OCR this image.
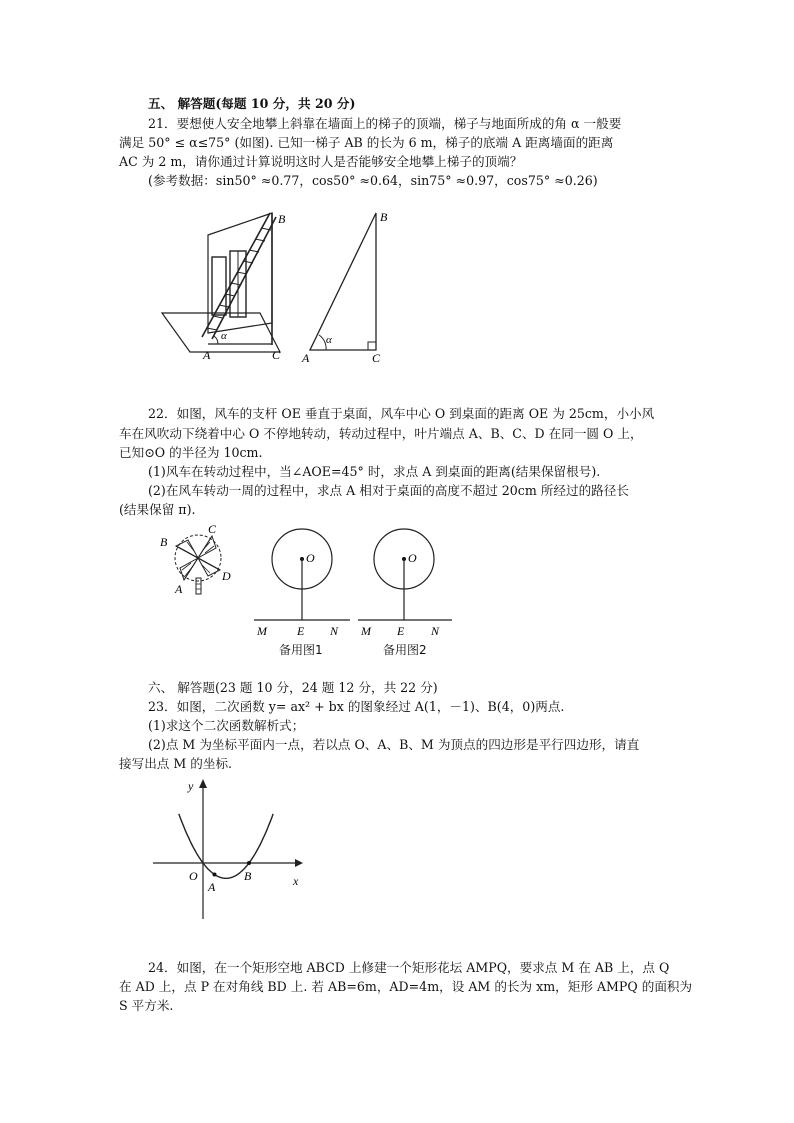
五、 解答题(每题 10 分，共 20 分)
21．要想使人安全地攀上斜靠在墙面上的梯子的顶端，梯子与地面所成的角 α 一般要
满足 50° ≤ α≤75° (如图). 已知一梯子 AB 的长为 6 m，梯子的底端 A 距离墙面的距离
AC 为 2 m，请你通过计算说明这时人是否能够安全地攀上梯子的顶端？
(参考数据：sin50° ≈0.77，cos50° ≈0.64，sin75° ≈0.97，cos75° ≈0.26)
α
A	C
B
α
A	C
B
22．如图，风车的支杆 OE 垂直于桌面，风车中心 O 到桌面的距离 OE 为 25cm，小小风
车在风吹动下绕着中心 O 不停地转动，转动过程中，叶片端点 A、B、C、D 在同一圆 O 上，
已知⊙O 的半径为 10cm.
(1)风车在转动过程中，当∠AOE=45° 时，求点 A 到桌面的距离(结果保留根号).
(2)在风车转动一周的过程中，求点 A 相对于桌面的高度不超过 20cm 所经过的路径长
(结果保留 π).
B
C
D
A
O
M	E N
备用图1
O
M E N
备用图2
六、 解答题(23 题 10 分，24 题 12 分，共 22 分)
23．如图，二次函数 y= ax² + bx 的图象经过 A(1，－1)、B(4，0)两点.
(1)求这个二次函数解析式；
(2)点 M 为坐标平面内一点，若以点 O、A、B、M 为顶点的四边形是平行四边形，请直
接写出点 M 的坐标.
y
x
O
A
B
24．如图，在一个矩形空地 ABCD 上修建一个矩形花坛 AMPQ，要求点 M 在 AB 上，点 Q
在 AD 上，点 P 在对角线 BD 上. 若 AB=6m，AD=4m，设 AM 的长为 xm，矩形 AMPQ 的面积为
S 平方米.
